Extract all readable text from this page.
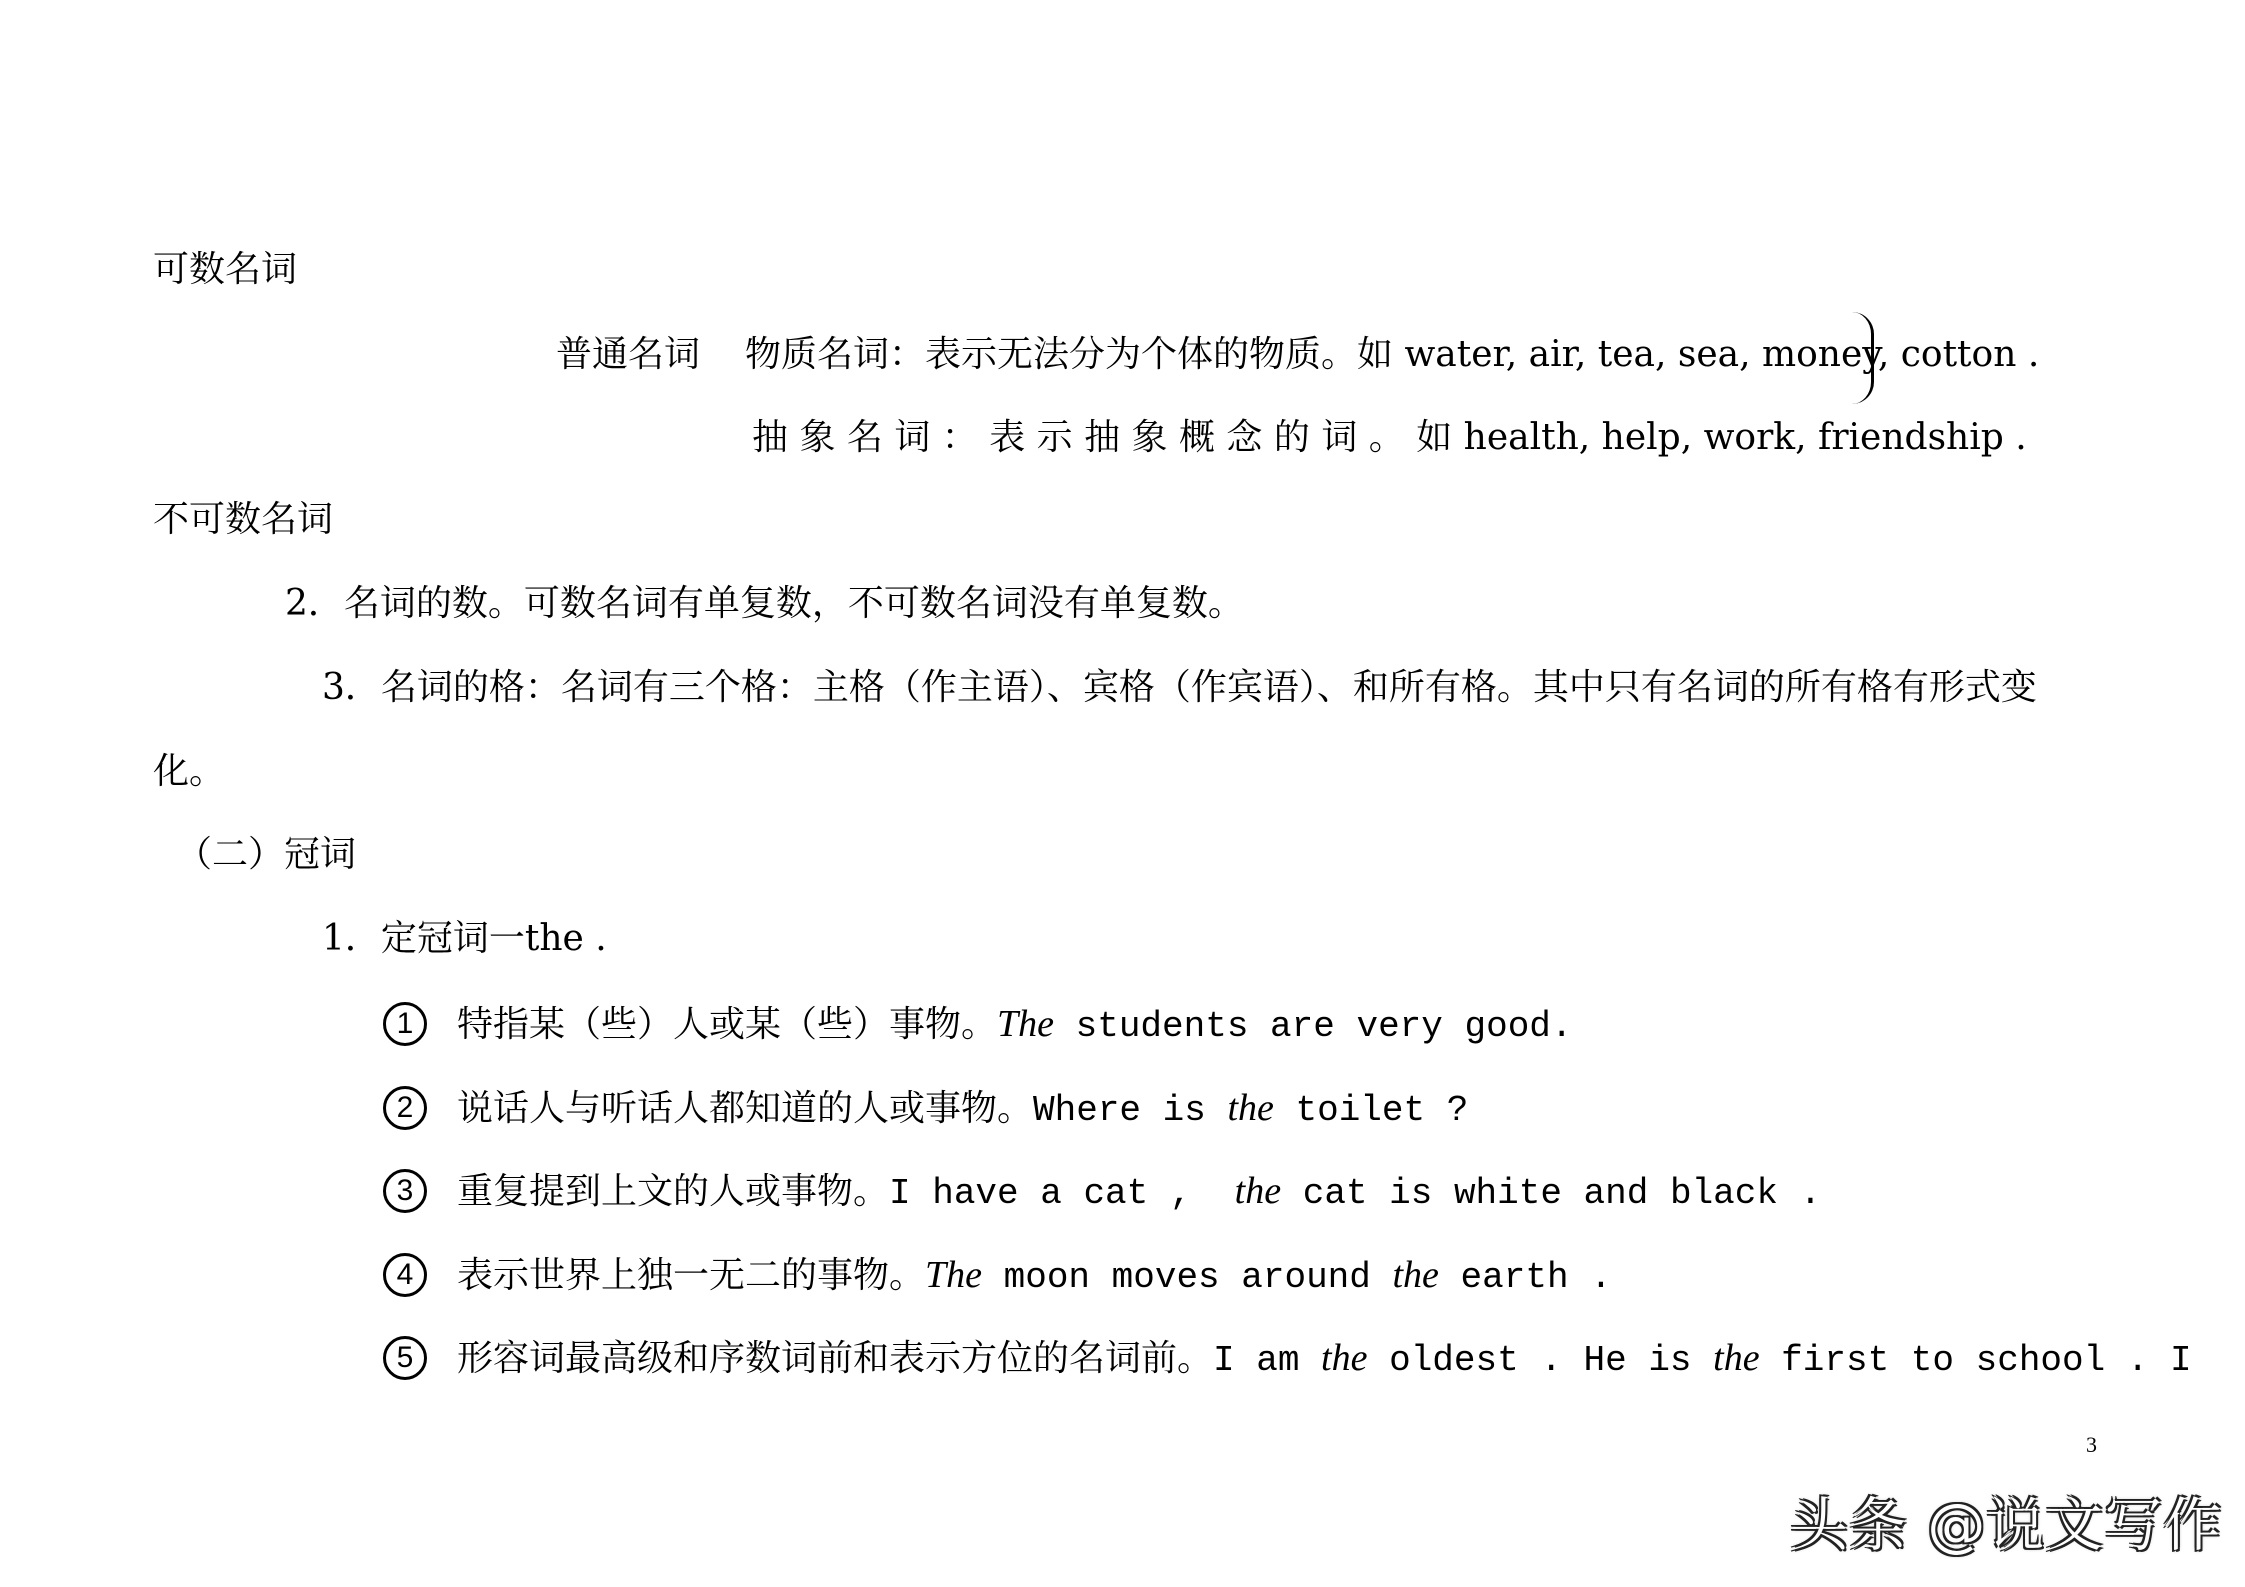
可数名词
普通名词 物质名词：表示无法分为个体的物质。如 water, air, tea, sea, money, cotton .
抽 象 名 词 ： 表 示 抽 象 概 念 的 词 。 如 health, help, work, friendship .
不可数名词
2．名词的数。可数名词有单复数，不可数名词没有单复数。
3．名词的格：名词有三个格：主格（作主语）、宾格（作宾语）、和所有格。其中只有名词的所有格有形式变
化。
（二）冠词
1．定冠词一the .
1 特指某（些）人或某（些）事物。The students are very good.
2 说话人与听话人都知道的人或事物。Where is the toilet ?
3 重复提到上文的人或事物。I have a cat ,  the cat is white and black .
4 表示世界上独一无二的事物。The moon moves around the earth .
5 形容词最高级和序数词前和表示方位的名词前。I am the oldest . He is the first to school . I
3
头条 @说文写作
